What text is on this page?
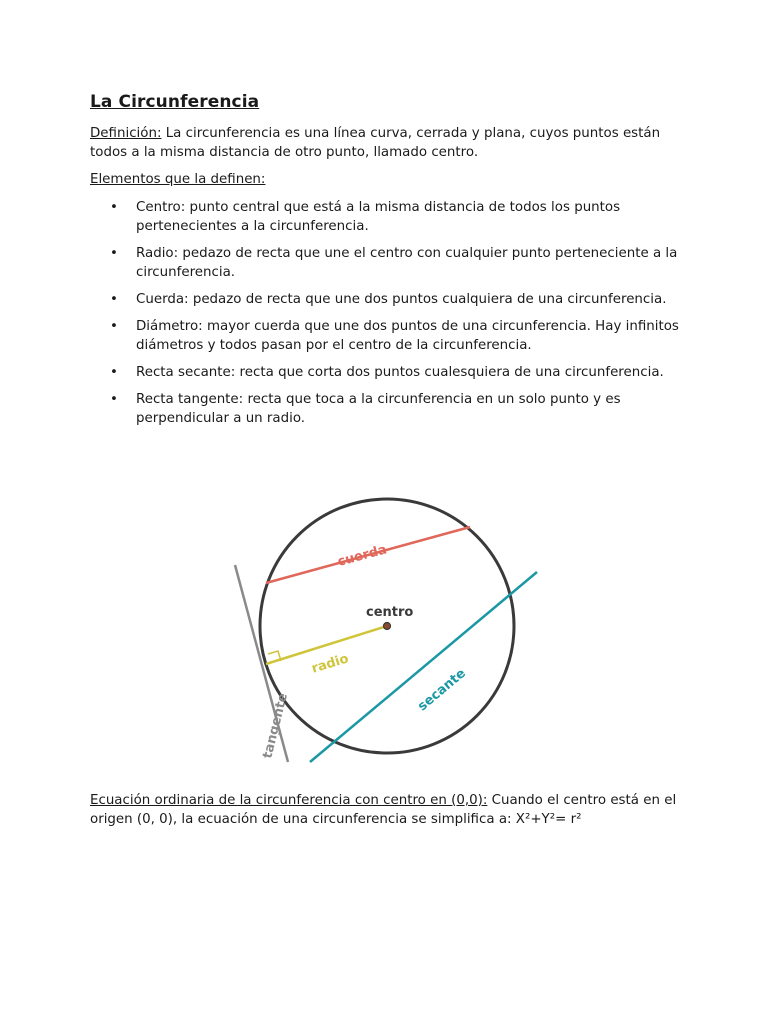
La Circunferencia

Definición: La circunferencia es una línea curva, cerrada y plana, cuyos puntos están todos a la misma distancia de otro punto, llamado centro.

Elementos que la definen:

• Centro: punto central que está a la misma distancia de todos los puntos pertenecientes a la circunferencia.
• Radio: pedazo de recta que une el centro con cualquier punto perteneciente a la circunferencia.
• Cuerda: pedazo de recta que une dos puntos cualquiera de una circunferencia.
• Diámetro: mayor cuerda que une dos puntos de una circunferencia. Hay infinitos diámetros y todos pasan por el centro de la circunferencia.
• Recta secante: recta que corta dos puntos cualesquiera de una circunferencia.
• Recta tangente: recta que toca a la circunferencia en un solo punto y es perpendicular a un radio.
cuerda
centro
radio
secante
tangente

Ecuación ordinaria de la circunferencia con centro en (0,0): Cuando el centro está en el origen (0, 0), la ecuación de una circunferencia se simplifica a: X²+Y²= r²
